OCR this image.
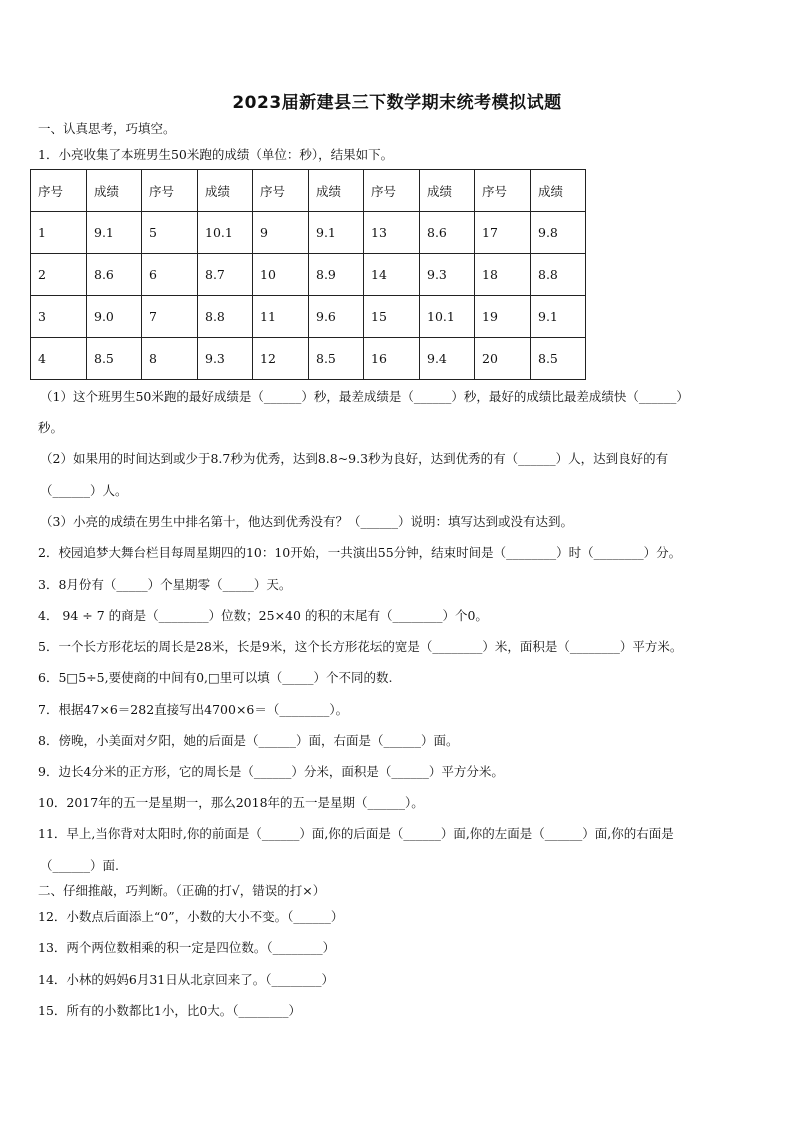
2023届新建县三下数学期末统考模拟试题
一、认真思考，巧填空。
1．小亮收集了本班男生50米跑的成绩（单位：秒），结果如下。
序号	成绩	序号	成绩	序号	成绩	序号	成绩	序号	成绩
1	9.1	5	10.1	9	9.1	13	8.6	17	9.8
2	8.6	6	8.7	10	8.9	14	9.3	18	8.8
3	9.0	7	8.8	11	9.6	15	10.1	19	9.1
4	8.5	8	9.3	12	8.5	16	9.4	20	8.5
（1）这个班男生50米跑的最好成绩是（______）秒，最差成绩是（______）秒，最好的成绩比最差成绩快（______）
秒。
（2）如果用的时间达到或少于8.7秒为优秀，达到8.8~9.3秒为良好，达到优秀的有（______）人，达到良好的有
（______）人。
（3）小亮的成绩在男生中排名第十，他达到优秀没有？（______）说明：填写达到或没有达到。
2．校园追梦大舞台栏目每周星期四的10：10开始，一共演出55分钟，结束时间是（________）时（________）分。
3．8月份有（_____）个星期零（_____）天。
4． 94 ÷ 7 的商是（________）位数；25×40 的积的末尾有（________）个0。
5．一个长方形花坛的周长是28米，长是9米，这个长方形花坛的宽是（________）米，面积是（________）平方米。
6．5□5÷5,要使商的中间有0,□里可以填（_____）个不同的数.
7．根据47×6＝282直接写出4700×6＝（________）。
8．傍晚，小美面对夕阳，她的后面是（______）面，右面是（______）面。
9．边长4分米的正方形，它的周长是（______）分米，面积是（______）平方分米。
10．2017年的五一是星期一，那么2018年的五一是星期（______）。
11．早上,当你背对太阳时,你的前面是（______）面,你的后面是（______）面,你的左面是（______）面,你的右面是
（______）面.
二、仔细推敲，巧判断。（正确的打√，错误的打×）
12．小数点后面添上“0”，小数的大小不变。（______）
13．两个两位数相乘的积一定是四位数。（________）
14．小林的妈妈6月31日从北京回来了。（________）
15．所有的小数都比1小，比0大。（________）
